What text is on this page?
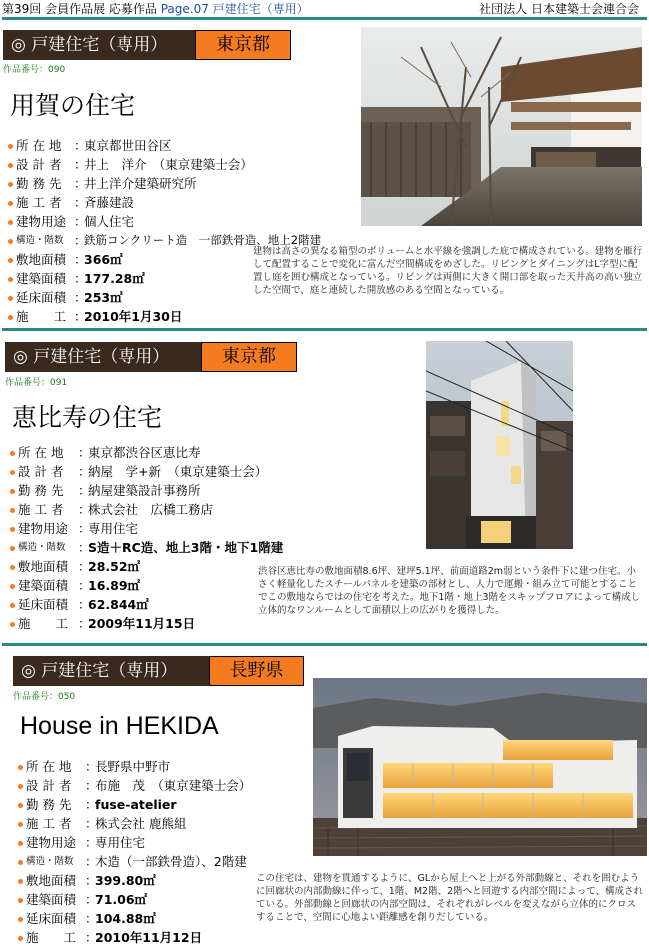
第39回 会員作品展 応募作品 Page.07 戸建住宅（専用）	社団法人 日本建築士会連合会
◎ 戸建住宅（専用）	東京都
作品番号：090
用賀の住宅
所 在 地 ：
東京都世田谷区
設 計 者 ：
井上　洋介　（東京建築士会）
勤 務 先 ：
井上洋介建築研究所
施 工 者 ：
斉藤建設
建物用途 ：
個人住宅
構造・階数 ：
鉄筋コンクリート造　一部鉄骨造、地上2階建
敷地面積 ：
366㎡
建築面積 ：
177.28㎡
延床面積 ：
253㎡
施　　工 ：
2010年1月30日

建物は高さの異なる箱型のボリュームと水平線を強調した庇で構成されている。建物を雁行して配置することで変化に富んだ空間構成をめざした。リビングとダイニングはL字型に配置し庭を囲む構成となっている。リビングは両側に大きく開口部を取った天井高の高い独立した空間で、庭と連続した開放感のある空間となっている。

◎ 戸建住宅（専用）	東京都
作品番号：091
恵比寿の住宅
所 在 地 ：
東京都渋谷区恵比寿
設 計 者 ：
納屋　学+新　（東京建築士会）
勤 務 先 ：
納屋建築設計事務所
施 工 者 ：
株式会社　広橋工務店
建物用途 ：
専用住宅
構造・階数 ：
S造＋RC造、地上3階・地下1階建
敷地面積 ：
28.52㎡
建築面積 ：
16.89㎡
延床面積 ：
62.844㎡
施　　工 ：
2009年11月15日

渋谷区恵比寿の敷地面積8.6坪、建坪5.1坪、前面道路2m弱という条件下に建つ住宅。小さく軽量化したスチールパネルを建築の部材とし、人力で運搬・組み立て可能とすることでこの敷地ならではの住宅を考えた。地下1階・地上3階をスキップフロアによって構成し立体的なワンルームとして面積以上の広がりを獲得した。

◎ 戸建住宅（専用）	長野県
作品番号：050
House in HEKIDA
所 在 地 ：
長野県中野市
設 計 者 ：
布施　茂　（東京建築士会）
勤 務 先 ：
fuse-atelier
施 工 者 ：
株式会社 鹿熊組
建物用途 ：
専用住宅
構造・階数 ：
木造（一部鉄骨造）、2階建
敷地面積 ：
399.80㎡
建築面積 ：
71.06㎡
延床面積 ：
104.88㎡
施　　工 ：
2010年11月12日

この住宅は、建物を貫通するように、GLから屋上へと上がる外部動線と、それを囲むように回廊状の内部動線に伴って、1階、M2階、2階へと回遊する内部空間によって、構成されている。外部動線と回廊状の内部空間は、それぞれがレベルを変えながら立体的にクロスすることで、空間に心地よい距離感を創りだしている。
